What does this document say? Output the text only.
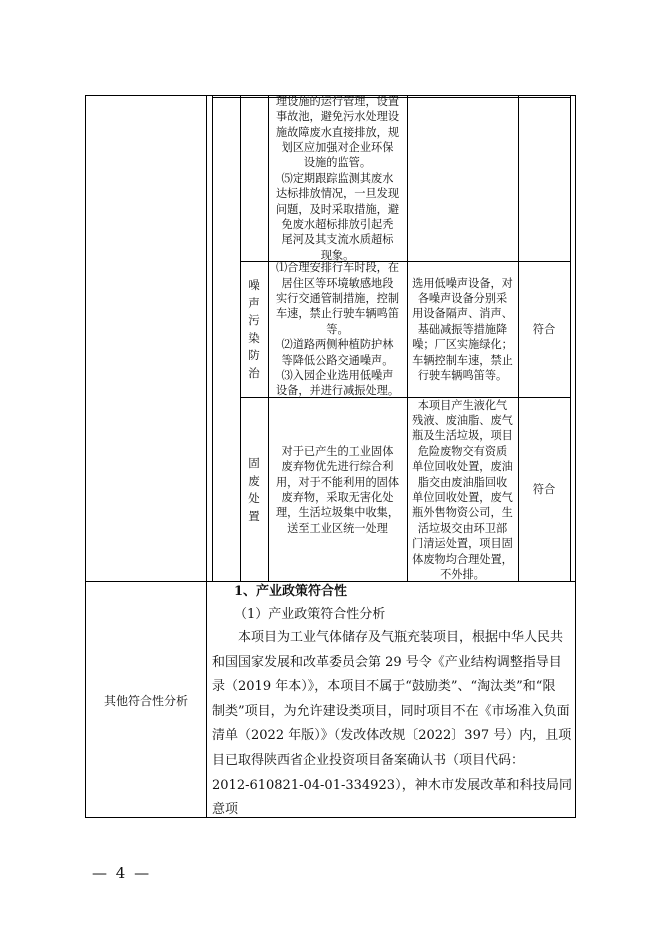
理设施的运行管理，设置

事故池，避免污水处理设

施故障废水直接排放，规

划区应加强对企业环保

设施的监管。

⑸定期跟踪监测其废水

达标排放情况，一旦发现

问题，及时采取措施，避

免废水超标排放引起秃

尾河及其支流水质超标

现象。

噪
声
污
染
防
治

⑴合理安排行车时段，在

居住区等环境敏感地段

实行交通管制措施，控制

车速，禁止行驶车辆鸣笛

等。

⑵道路两侧种植防护林

等降低公路交通噪声。

⑶入园企业选用低噪声

设备，并进行减振处理。

选用低噪声设备，对

各噪声设备分别采

用设备隔声、消声、

基础减振等措施降

噪；厂区实施绿化；

车辆控制车速，禁止

行驶车辆鸣笛等。

符合

固
废
处
置

对于已产生的工业固体

废弃物优先进行综合利

用，对于不能利用的固体

废弃物，采取无害化处

理，生活垃圾集中收集，

送至工业区统一处理

本项目产生液化气

残液、废油脂、废气

瓶及生活垃圾，项目

危险废物交有资质

单位回收处置，废油

脂交由废油脂回收

单位回收处置，废气

瓶外售物资公司，生

活垃圾交由环卫部

门清运处置，项目固

体废物均合理处置，

不外排。

符合

其他符合性分析

1、产业政策符合性

（1）产业政策符合性分析

　　本项目为工业气体储存及气瓶充装项目，根据中华人民共

和国国家发展和改革委员会第 29 号令《产业结构调整指导目

录（2019 年本）》，本项目不属于“鼓励类”、“淘汰类”和“限

制类”项目，为允许建设类项目，同时项目不在《市场准入负面

清单（2022 年版）》（发改体改规〔2022〕397 号）内，且项

目已取得陕西省企业投资项目备案确认书（项目代码：

2012-610821-04-01-334923），神木市发展改革和科技局同意项

— 4 —
